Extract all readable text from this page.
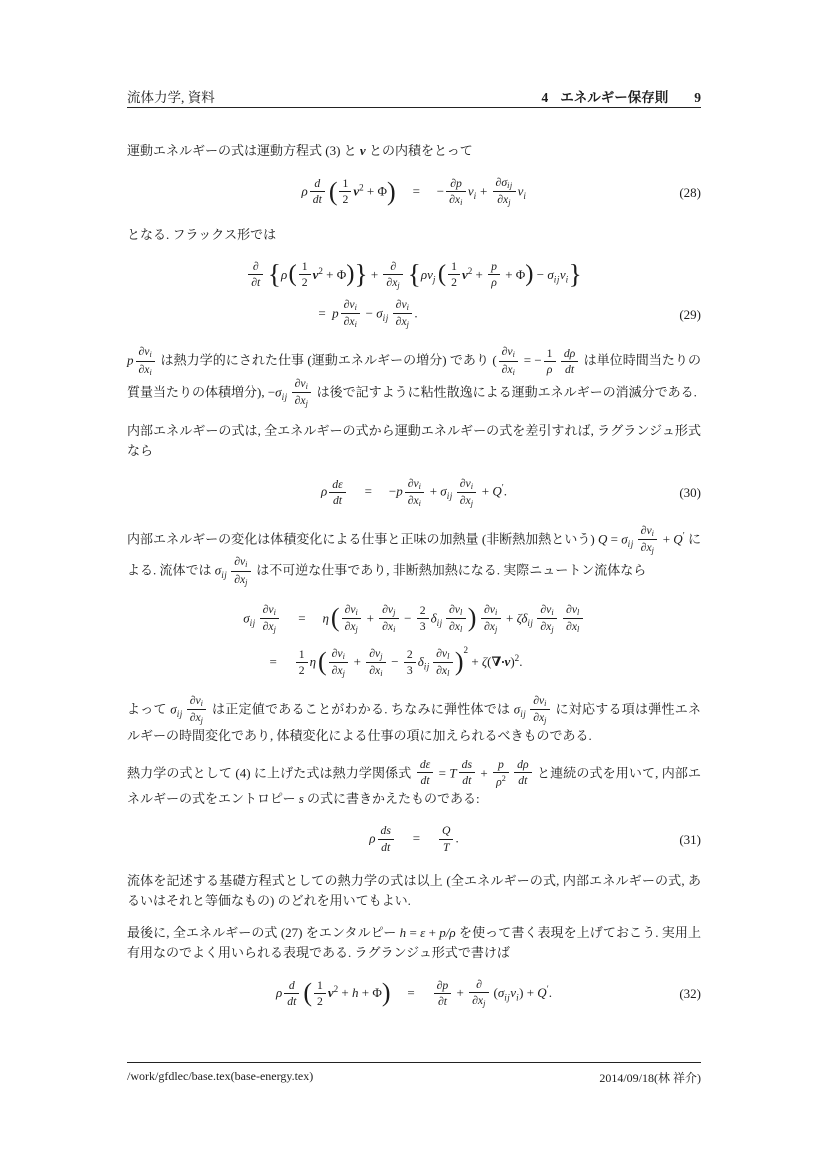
流体力学, 資料	4 エネルギー保存則 9

運動エネルギーの式は運動方程式 (3) と v との内積をとって

ρ $\frac{d}{dt}$ ( $\frac{1}{2} v^2 + \Phi$) = − $\frac{\partial p}{\partial x_i} v_i + \frac{\partial\sigma_{ij}}{\partial x_j} v_i$	(28)

となる. フラックス形では

$\frac{\partial}{\partial t} \{\rho( \frac{1}{2} v^2 + \Phi)\} + \frac{\partial}{\partial x_j} \{\rho v_j( \frac{1}{2} v^2 + \frac{p}{\rho} + \Phi) - \sigma_{ij}v_i\}$
= p $\frac{\partial v_i}{\partial x_i} - \sigma_{ij} \frac{\partial v_i}{\partial x_j}$ .	(29)

p $\frac{\partial v_i}{\partial x_i}$ は熱力学的にされた仕事 (運動エネルギーの増分) であり ( $\frac{\partial v_i}{\partial x_i}$ = − $\frac{1}{\rho} \frac{d\rho}{dt}$ は単位時間当たりの質量当たりの体積増分), $-\sigma_{ij} \frac{\partial v_i}{\partial x_j}$ は後で記すように粘性散逸による運動エネルギーの消滅分である.

内部エネルギーの式は, 全エネルギーの式から運動エネルギーの式を差引すれば, ラグランジュ形式なら

ρ $\frac{d\varepsilon}{dt} = -p \frac{\partial v_i}{\partial x_i} + \sigma_{ij} \frac{\partial v_i}{\partial x_j} + Q'$.	(30)

内部エネルギーの変化は体積変化による仕事と正味の加熱量 (非断熱加熱という) $Q = \sigma_{ij} \frac{\partial v_i}{\partial x_j} + Q'$ による. 流体では $\sigma_{ij} \frac{\partial v_i}{\partial x_j}$ は不可逆な仕事であり, 非断熱加熱になる. 実際ニュートン流体なら

$\sigma_{ij} \frac{\partial v_i}{\partial x_j} = \eta( \frac{\partial v_i}{\partial x_j} + \frac{\partial v_j}{\partial x_i} - \frac{2}{3} \delta_{ij} \frac{\partial v_l}{\partial x_l}$ ) $\frac{\partial v_i}{\partial x_j} + \zeta\delta_{ij} \frac{\partial v_i}{\partial x_j} \frac{\partial v_l}{\partial x_l}$
= $\frac{1}{2} \eta( \frac{\partial v_i}{\partial x_j} + \frac{\partial v_j}{\partial x_i} - \frac{2}{3} \delta_{ij} \frac{\partial v_l}{\partial x_l} )^2 + \zeta(\nabla\cdot v)^2$.

よって $\sigma_{ij} \frac{\partial v_i}{\partial x_j}$ は正定値であることがわかる. ちなみに弾性体では $\sigma_{ij} \frac{\partial v_i}{\partial x_j}$ に対応する項は弾性エネルギーの時間変化であり, 体積変化による仕事の項に加えられるべきものである.

熱力学の式として (4) に上げた式は熱力学関係式 $\frac{d\varepsilon}{dt} = T \frac{ds}{dt} + \frac{p}{\rho^2} \frac{d\rho}{dt}$ と連続の式を用いて, 内部エネルギーの式をエントロピー s の式に書きかえたものである:

ρ $\frac{ds}{dt} = \frac{Q}{T}$ .	(31)

流体を記述する基礎方程式としての熱力学の式は以上 (全エネルギーの式, 内部エネルギーの式, あるいはそれと等価なもの) のどれを用いてもよい.

最後に, 全エネルギーの式 (27) をエンタルピー h = ε + p/ρ を使って書く表現を上げておこう. 実用上有用なのでよく用いられる表現である. ラグランジュ形式で書けば

ρ $\frac{d}{dt}$ ( $\frac{1}{2} v^2 + h + \Phi) = \frac{\partial p}{\partial t} + \frac{\partial}{\partial x_j} (\sigma_{ij}v_i) + Q'$.	(32)
/work/gfdlec/base.tex(base-energy.tex)	2014/09/18(林 祥介)
